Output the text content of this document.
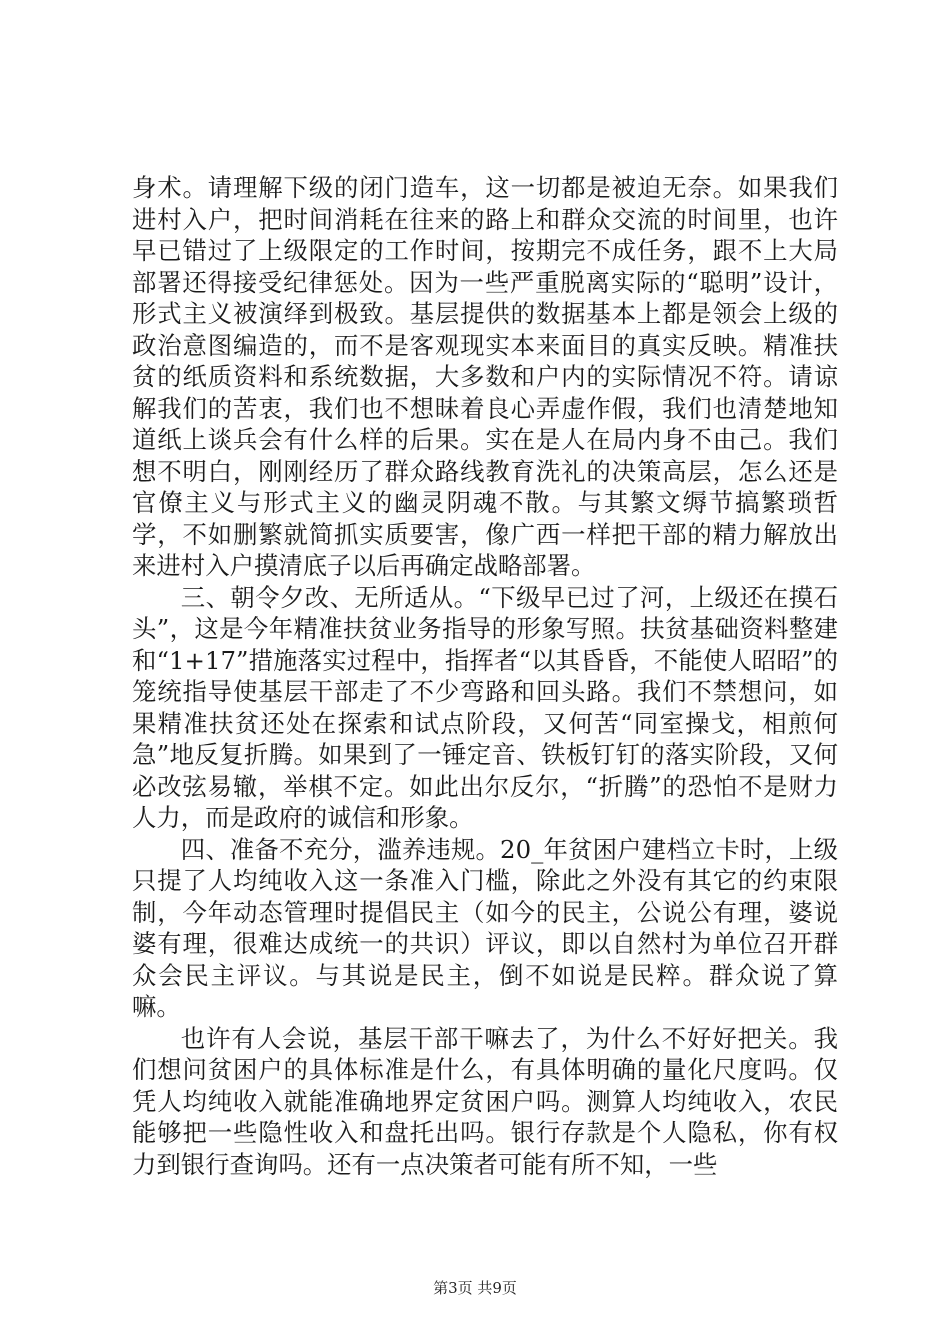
身术。请理解下级的闭门造车，这一切都是被迫无奈。如果我们进村入户，把时间消耗在往来的路上和群众交流的时间里，也许早已错过了上级限定的工作时间，按期完不成任务，跟不上大局部署还得接受纪律惩处。因为一些严重脱离实际的“聪明”设计，形式主义被演绎到极致。基层提供的数据基本上都是领会上级的政治意图编造的，而不是客观现实本来面目的真实反映。精准扶贫的纸质资料和系统数据，大多数和户内的实际情况不符。请谅解我们的苦衷，我们也不想昧着良心弄虚作假，我们也清楚地知道纸上谈兵会有什么样的后果。实在是人在局内身不由己。我们想不明白，刚刚经历了群众路线教育洗礼的决策高层，怎么还是官僚主义与形式主义的幽灵阴魂不散。与其繁文缛节搞繁琐哲学，不如删繁就简抓实质要害，像广西一样把干部的精力解放出来进村入户摸清底子以后再确定战略部署。

三、朝令夕改、无所适从。“下级早已过了河，上级还在摸石头”，这是今年精准扶贫业务指导的形象写照。扶贫基础资料整建和“1+17”措施落实过程中，指挥者“以其昏昏，不能使人昭昭”的笼统指导使基层干部走了不少弯路和回头路。我们不禁想问，如果精准扶贫还处在探索和试点阶段，又何苦“同室操戈，相煎何急”地反复折腾。如果到了一锤定音、铁板钉钉的落实阶段，又何必改弦易辙，举棋不定。如此出尔反尔，“折腾”的恐怕不是财力人力，而是政府的诚信和形象。

四、准备不充分，滥养违规。20_年贫困户建档立卡时，上级只提了人均纯收入这一条准入门槛，除此之外没有其它的约束限制，今年动态管理时提倡民主（如今的民主，公说公有理，婆说婆有理，很难达成统一的共识）评议，即以自然村为单位召开群众会民主评议。与其说是民主，倒不如说是民粹。群众说了算嘛。

也许有人会说，基层干部干嘛去了，为什么不好好把关。我们想问贫困户的具体标准是什么，有具体明确的量化尺度吗。仅凭人均纯收入就能准确地界定贫困户吗。测算人均纯收入，农民能够把一些隐性收入和盘托出吗。银行存款是个人隐私，你有权力到银行查询吗。还有一点决策者可能有所不知，一些

第3页 共9页
